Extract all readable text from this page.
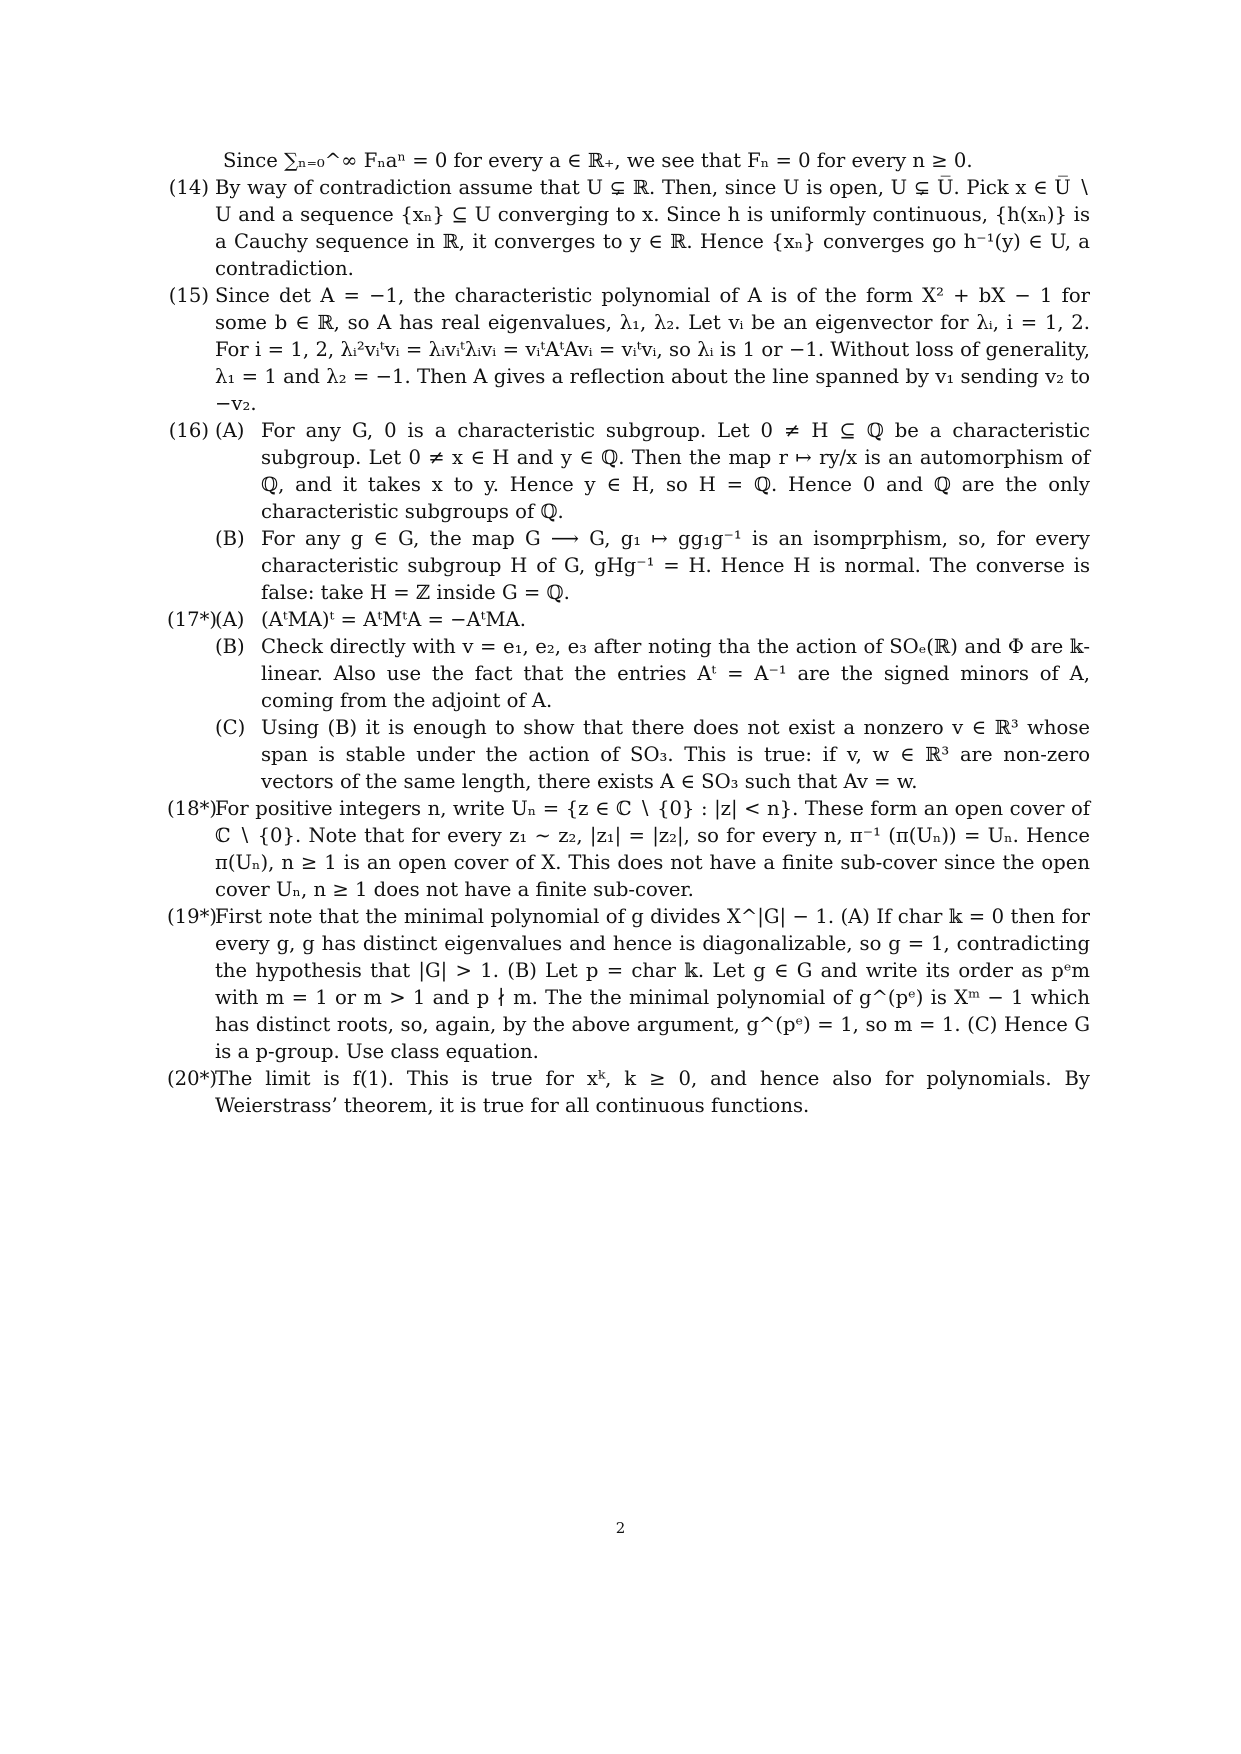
Since ∑ₙ₌₀^∞ Fₙaⁿ = 0 for every a ∈ ℝ₊, we see that Fₙ = 0 for every n ≥ 0.
(14) By way of contradiction assume that U ⊊ ℝ. Then, since U is open, U ⊊ U̅. Pick x ∈ U̅ ∖ U and a sequence {xₙ} ⊆ U converging to x. Since h is uniformly continuous, {h(xₙ)} is a Cauchy sequence in ℝ, it converges to y ∈ ℝ. Hence {xₙ} converges go h⁻¹(y) ∈ U, a contradiction.
(15) Since det A = −1, the characteristic polynomial of A is of the form X² + bX − 1 for some b ∈ ℝ, so A has real eigenvalues, λ₁, λ₂. Let vᵢ be an eigenvector for λᵢ, i = 1, 2. For i = 1, 2, λᵢ²vᵢᵗvᵢ = λᵢvᵢᵗλᵢvᵢ = vᵢᵗAᵗAvᵢ = vᵢᵗvᵢ, so λᵢ is 1 or −1. Without loss of generality, λ₁ = 1 and λ₂ = −1. Then A gives a reflection about the line spanned by v₁ sending v₂ to −v₂.
(16) (A) For any G, 0 is a characteristic subgroup. Let 0 ≠ H ⊆ ℚ be a characteristic subgroup. Let 0 ≠ x ∈ H and y ∈ ℚ. Then the map r ↦ ry/x is an automorphism of ℚ, and it takes x to y. Hence y ∈ H, so H = ℚ. Hence 0 and ℚ are the only characteristic subgroups of ℚ.
(B) For any g ∈ G, the map G ⟶ G, g₁ ↦ gg₁g⁻¹ is an isomprphism, so, for every characteristic subgroup H of G, gHg⁻¹ = H. Hence H is normal. The converse is false: take H = ℤ inside G = ℚ.
(17*)
(A) (AᵗMA)ᵗ = AᵗMᵗA = −AᵗMA.
(B) Check directly with v = e₁, e₂, e₃ after noting tha the action of SOₑ(ℝ) and Φ are 𝕜-linear. Also use the fact that the entries Aᵗ = A⁻¹ are the signed minors of A, coming from the adjoint of A.
(C) Using (B) it is enough to show that there does not exist a nonzero v ∈ ℝ³ whose span is stable under the action of SO₃. This is true: if v, w ∈ ℝ³ are non-zero vectors of the same length, there exists A ∈ SO₃ such that Av = w.
(18*)
For positive integers n, write Uₙ = {z ∈ ℂ ∖ {0} : |z| < n}. These form an open cover of ℂ ∖ {0}. Note that for every z₁ ∼ z₂, |z₁| = |z₂|, so for every n, π⁻¹ (π(Uₙ)) = Uₙ. Hence π(Uₙ), n ≥ 1 is an open cover of X. This does not have a finite sub-cover since the open cover Uₙ, n ≥ 1 does not have a finite sub-cover.
(19*)
First note that the minimal polynomial of g divides X^|G| − 1. (A) If char 𝕜 = 0 then for every g, g has distinct eigenvalues and hence is diagonalizable, so g = 1, contradicting the hypothesis that |G| > 1. (B) Let p = char 𝕜. Let g ∈ G and write its order as pᵉm with m = 1 or m > 1 and p ∤ m. The the minimal polynomial of g^(pᵉ) is Xᵐ − 1 which has distinct roots, so, again, by the above argument, g^(pᵉ) = 1, so m = 1. (C) Hence G is a p-group. Use class equation.
(20*)
The limit is f(1). This is true for xᵏ, k ≥ 0, and hence also for polynomials. By Weierstrass’ theorem, it is true for all continuous functions.
2
